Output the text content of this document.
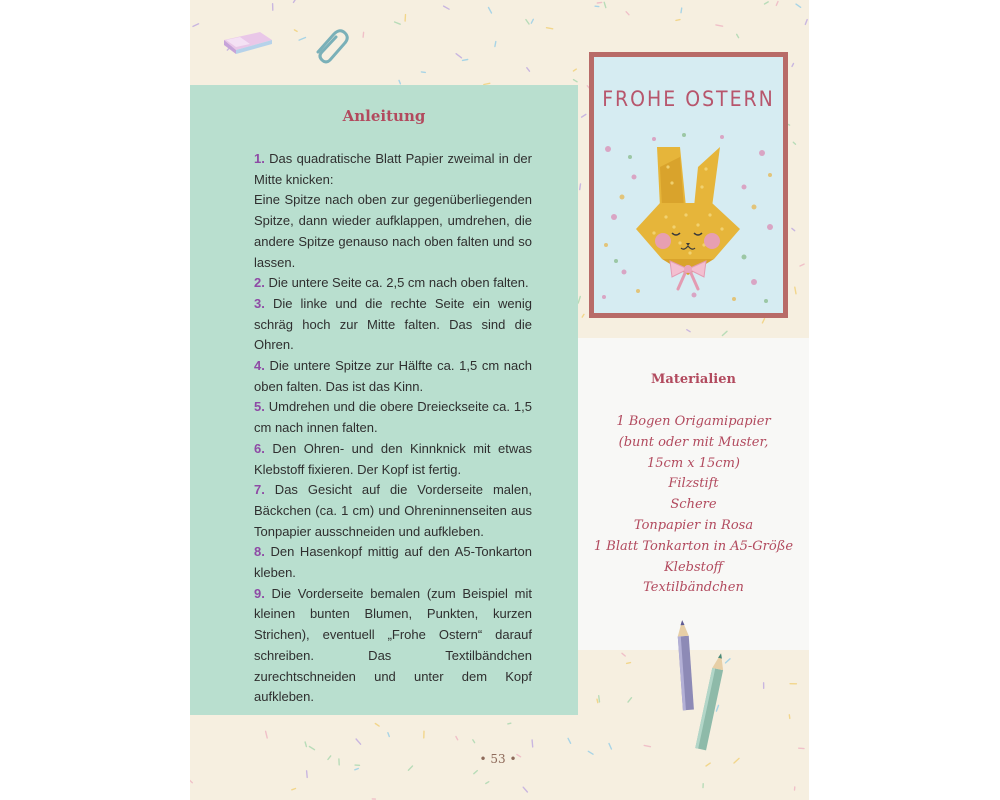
Anleitung

1. Das quadratische Blatt Papier zweimal in der Mitte knicken:

Eine Spitze nach oben zur gegenüberliegenden Spitze, dann wieder aufklappen, umdrehen, die andere Spitze genauso nach oben falten und so lassen.

2. Die untere Seite ca. 2,5 cm nach oben falten.

3. Die linke und die rechte Seite ein wenig schräg hoch zur Mitte falten. Das sind die Ohren.

4. Die untere Spitze zur Hälfte ca. 1,5 cm nach oben falten. Das ist das Kinn.

5. Umdrehen und die obere Dreieckseite ca. 1,5 cm nach innen falten.

6. Den Ohren- und den Kinnknick mit etwas Klebstoff fixieren. Der Kopf ist fertig.

7. Das Gesicht auf die Vorderseite malen, Bäckchen (ca. 1 cm) und Ohreninnenseiten aus Tonpapier ausschneiden und aufkleben.

8. Den Hasenkopf mittig auf den A5-Tonkarton kleben.

9. Die Vorderseite bemalen (zum Beispiel mit kleinen bunten Blumen, Punkten, kurzen Strichen), eventuell „Frohe Ostern“ darauf schreiben. Das Textilbändchen zurechtschneiden und unter dem Kopf aufkleben.

FROHE OSTERN
Materialien
1 Bogen Origamipapier
(bunt oder mit Muster,
15cm x 15cm)
Filzstift
Schere
Tonpapier in Rosa
1 Blatt Tonkarton in A5-Größe
Klebstoff
Textilbändchen
• 53 •
